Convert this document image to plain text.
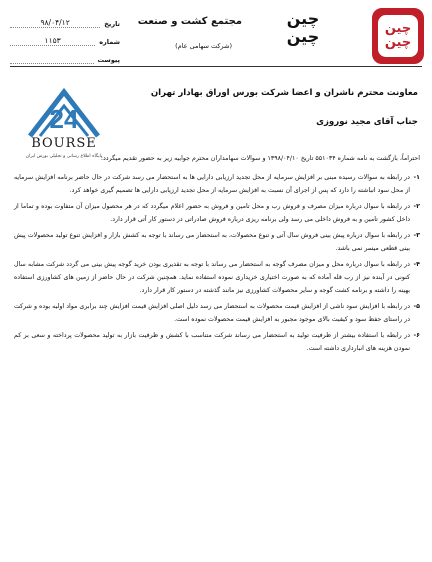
چین
چین
چین
چین
مجتمع کشت و صنعت
(شرکت سهامی عام)
تاریخ
۹۸/۰۴/۱۲
شماره
۱۱۵۳
پیوست
24
BOURSE
پایگاه اطلاع رسانی و تحلیلی بورس ایران
معاونت محترم ناشران و اعضا شرکت بورس اوراق بهادار تهران
جناب آقای مجید نوروزی

احتراماً، بازگشت به نامه شماره ۵۵۱۰۳۴ تاریخ ۱۳۹۸/۰۴/۱۰ و سوالات سهامداران محترم جوابیه زیر به حضور تقدیم میگردد:

۱-
در رابطه به سوالات رسیده مبنی بر افزایش سرمایه از محل تجدید ارزیابی دارایی ها به استحضار می رسد شرکت در حال حاضر برنامه افزایش سرمایه از محل سود انباشته را دارد که پس از اجرای آن نسبت به افزایش سرمایه از محل تجدید ارزیابی دارایی ها تصمیم گیری خواهد کرد.

۲-
در رابطه با سوال درباره میزان مصرف و فروش رب و محل تامین و فروش به حضور اعلام میگردد که در هر محصول میزان آن متفاوت بوده و تماما از داخل کشور تامین و به فروش داخلی می رسد ولی برنامه ریزی درباره فروش صادراتی در دستور کار آتی قرار دارد.

۳-
در رابطه با سوال درباره پیش بینی فروش سال آتی و تنوع محصولات، به استحضار می رساند با توجه به کشش بازار و افزایش تنوع تولید محصولات پیش بینی قطعی میسر نمی باشد.

۴-
در رابطه با سوال درباره محل و میزان مصرف گوجه به استحضار می رساند با توجه به تقدیری بودن خرید گوجه پیش بینی می گردد شرکت مشابه سال کنونی در آینده نیز از رب قله آماده که به صورت اختیاری خریداری نموده استفاده نماید. همچنین شرکت در حال حاضر از زمین های کشاورزی استفاده بهینه را داشته و برنامه کشت گوجه و سایر محصولات کشاورزی نیز مانند گذشته در دستور کار قرار دارد.

۵-
در رابطه با افزایش سود ناشی از افزایش قیمت محصولات به استحضار می رسد دلیل اصلی افزایش قیمت افزایش چند برابری مواد اولیه بوده و شرکت در راستای حفظ سود و کیفیت بالای موجود مجبور به افزایش قیمت محصولات نموده است.

۶-
در رابطه با استفاده بیشتر از ظرفیت تولید به استحضار می رساند شرکت متناسب با کشش و ظرفیت بازار به تولید محصولات پرداخته و سعی بر کم نمودن هزینه های انبارداری داشته است.
